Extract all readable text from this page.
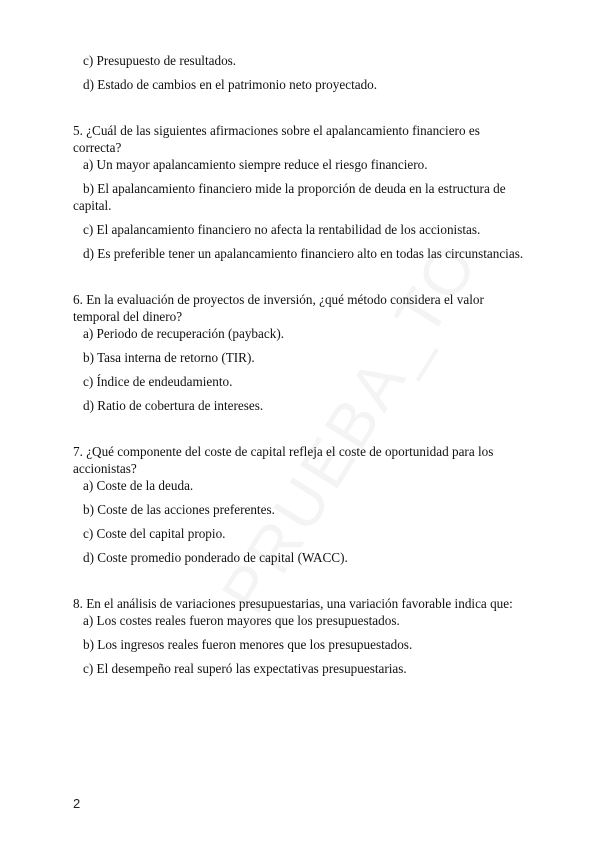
c) Presupuesto de resultados.

d) Estado de cambios en el patrimonio neto proyectado.

5. ¿Cuál de las siguientes afirmaciones sobre el apalancamiento financiero es correcta?

a) Un mayor apalancamiento siempre reduce el riesgo financiero.

b) El apalancamiento financiero mide la proporción de deuda en la estructura de capital.

c) El apalancamiento financiero no afecta la rentabilidad de los accionistas.

d) Es preferible tener un apalancamiento financiero alto en todas las circunstancias.

6. En la evaluación de proyectos de inversión, ¿qué método considera el valor temporal del dinero?

a) Periodo de recuperación (payback).

b) Tasa interna de retorno (TIR).

c) Índice de endeudamiento.

d) Ratio de cobertura de intereses.

7. ¿Qué componente del coste de capital refleja el coste de oportunidad para los accionistas?

a) Coste de la deuda.

b) Coste de las acciones preferentes.

c) Coste del capital propio.

d) Coste promedio ponderado de capital (WACC).

8. En el análisis de variaciones presupuestarias, una variación favorable indica que:

a) Los costes reales fueron mayores que los presupuestados.

b) Los ingresos reales fueron menores que los presupuestados.

c) El desempeño real superó las expectativas presupuestarias.

2
